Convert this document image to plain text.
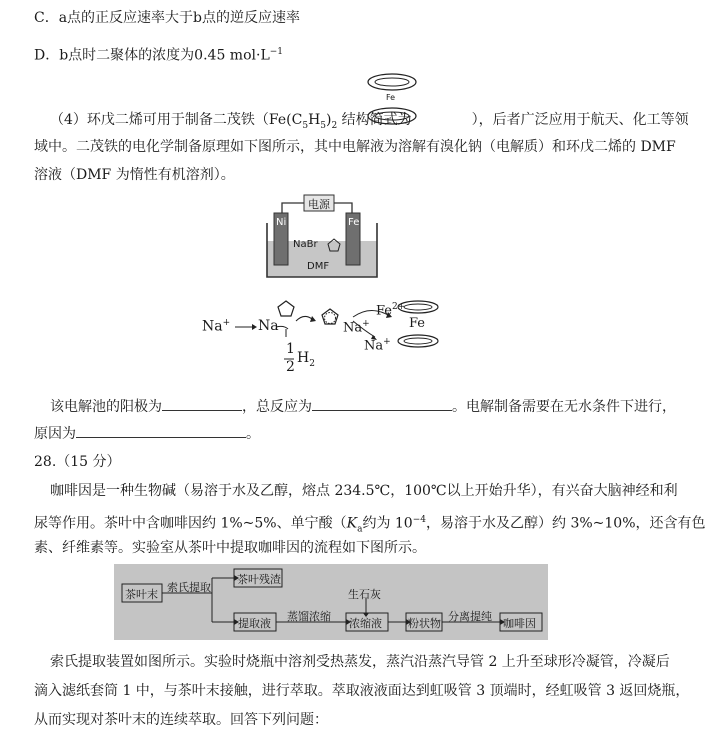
C．a点的正反应速率大于b点的逆反应速率
D．b点时二聚体的浓度为0.45 $mol\cdot L^{-1}$
Fe
（4）环戊二烯可用于制备二茂铁（$Fe(C_5H_5)_2$ 结构简式为	），后者广泛应用于航天、化工等领
域中。二茂铁的电化学制备原理如下图所示，其中电解液为溶解有溴化钠（电解质）和环戊二烯的 DMF
溶液（DMF 为惰性有机溶剂）。
电源
Ni	Fe
NaBr
DMF
Na+ Na	Na+
$Fe^{2+}$
Na+
Fe
1
2
$H_2$
该电解池的阳极为	，总反应为	。电解制备需要在无水条件下进行，
原因为	。
28.（15 分）
咖啡因是一种生物碱（易溶于水及乙醇，熔点 234.5℃，100℃以上开始升华），有兴奋大脑神经和利
尿等作用。茶叶中含咖啡因约 1%~5%、单宁酸（$K_a$约为 $10^{-4}$，易溶于水及乙醇）约 3%~10%，还含有色
素、纤维素等。实验室从茶叶中提取咖啡因的流程如下图所示。
茶叶末
索氏提取
茶叶残渣
提取液
蒸馏浓缩
生石灰
浓缩液 粉状物
分离提纯
咖啡因
索氏提取装置如图所示。实验时烧瓶中溶剂受热蒸发，蒸汽沿蒸汽导管 2 上升至球形冷凝管，冷凝后
滴入滤纸套筒 1 中，与茶叶末接触，进行萃取。萃取液液面达到虹吸管 3 顶端时，经虹吸管 3 返回烧瓶，
从而实现对茶叶末的连续萃取。回答下列问题：
